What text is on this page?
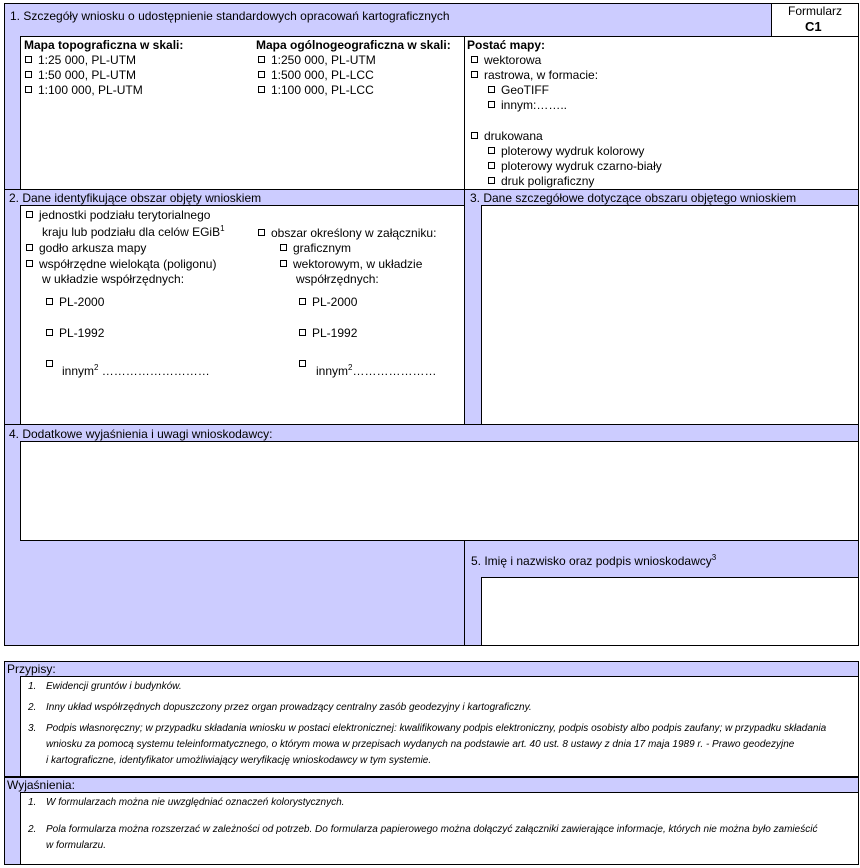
1. Szczegóły wniosku o udostępnienie standardowych opracowań kartograficznych	Formularz
C1
Mapa topograficzna w skali:
1:25 000, PL-UTM
1:50 000, PL-UTM
1:100 000, PL-UTM
Mapa ogólnogeograficzna w skali:
1:250 000, PL-UTM
1:500 000, PL-LCC
1:100 000, PL-LCC
Postać mapy:
wektorowa
rastrowa, w formacie:
GeoTIFF
innym:……..
drukowana
ploterowy wydruk kolorowy
ploterowy wydruk czarno-biały
druk poligraficzny
2. Dane identyfikujące obszar objęty wnioskiem	3. Dane szczegółowe dotyczące obszaru objętego wnioskiem
jednostki podziału terytorialnego
kraju lub podziału dla celów EGiB$^1$
godło arkusza mapy
współrzędne wielokąta (poligonu)
w układzie współrzędnych:
PL-2000
PL-1992
innym$^2$ ………………………
obszar określony w załączniku:
graficznym
wektorowym, w układzie
współrzędnych:
PL-2000
PL-1992
innym$^2$…………………
4. Dodatkowe wyjaśnienia i uwagi wnioskodawcy:
5. Imię i nazwisko oraz podpis wnioskodawcy$^3$
Przypisy:
1. Ewidencji gruntów i budynków.
2. Inny układ współrzędnych dopuszczony przez organ prowadzący centralny zasób geodezyjny i kartograficzny.
3. Podpis własnoręczny; w przypadku składania wniosku w postaci elektronicznej: kwalifikowany podpis elektroniczny, podpis osobisty albo podpis zaufany; w przypadku składania
wniosku za pomocą systemu teleinformatycznego, o którym mowa w przepisach wydanych na podstawie art. 40 ust. 8 ustawy z dnia 17 maja 1989 r. - Prawo geodezyjne
i kartograficzne, identyfikator umożliwiający weryfikację wnioskodawcy w tym systemie.
Wyjaśnienia:
1. W formularzach można nie uwzględniać oznaczeń kolorystycznych.
2. Pola formularza można rozszerzać w zależności od potrzeb. Do formularza papierowego można dołączyć załączniki zawierające informacje, których nie można było zamieścić
w formularzu.
